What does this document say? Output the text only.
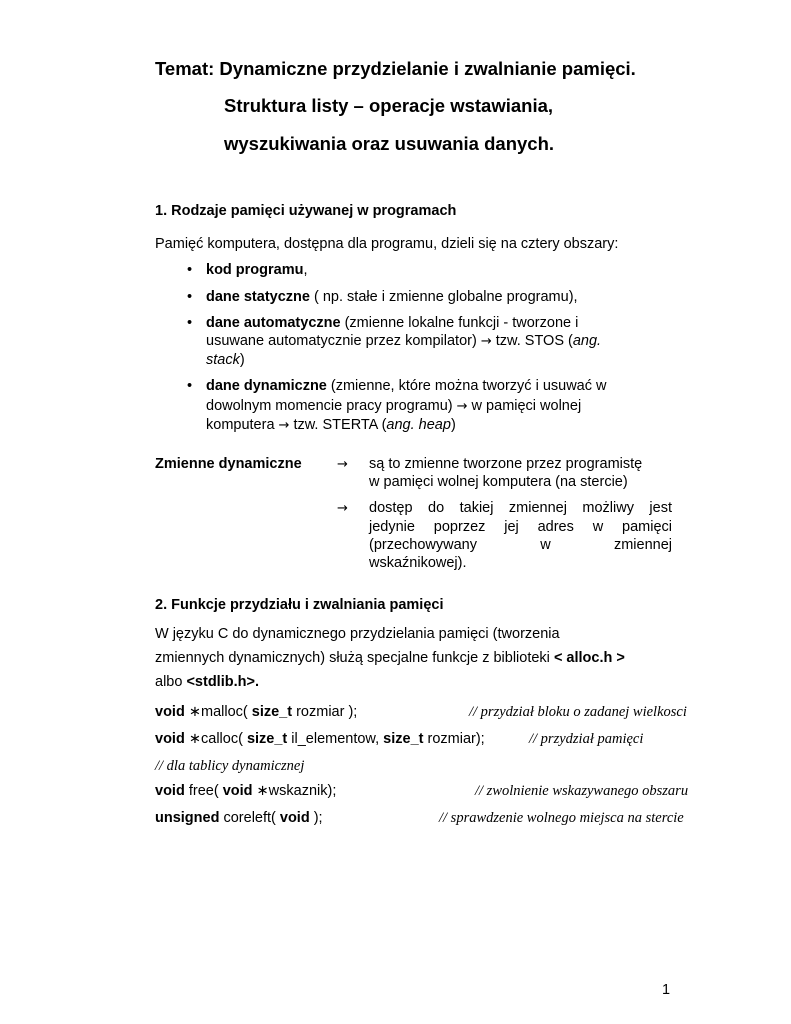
Temat: Dynamiczne przydzielanie i zwalnianie pamięci.
Struktura listy – operacje wstawiania,
wyszukiwania oraz usuwania danych.
1. Rodzaje pamięci używanej w programach
Pamięć komputera, dostępna dla programu, dzieli się na cztery obszary:
• kod programu,
• dane statyczne ( np. stałe i zmienne globalne programu),
• dane automatyczne (zmienne lokalne funkcji - tworzone i
usuwane automatycznie przez kompilator) → tzw. STOS (ang.
stack)
• dane dynamiczne (zmienne, które można tworzyć i usuwać w
dowolnym momencie pracy programu) → w pamięci wolnej
komputera → tzw. STERTA (ang. heap)
Zmienne dynamiczne	→ są to zmienne tworzone przez programistę
w pamięci wolnej komputera (na stercie)
→ dostęp do takiej zmiennej możliwy jest
jedynie poprzez jej adres w pamięci
(przechowywany w zmiennej
wskaźnikowej).
2. Funkcje przydziału i zwalniania pamięci
W języku C do dynamicznego przydzielania pamięci (tworzenia
zmiennych dynamicznych) służą specjalne funkcje z biblioteki < alloc.h >
albo <stdlib.h>.
void ∗malloc( size_t rozmiar );	// przydział bloku o zadanej wielkosci
void ∗calloc( size_t il_elementow, size_t rozmiar);	// przydział pamięci
// dla tablicy dynamicznej
void free( void ∗wskaznik);	// zwolnienie wskazywanego obszaru
unsigned coreleft( void );	// sprawdzenie wolnego miejsca na stercie
1
